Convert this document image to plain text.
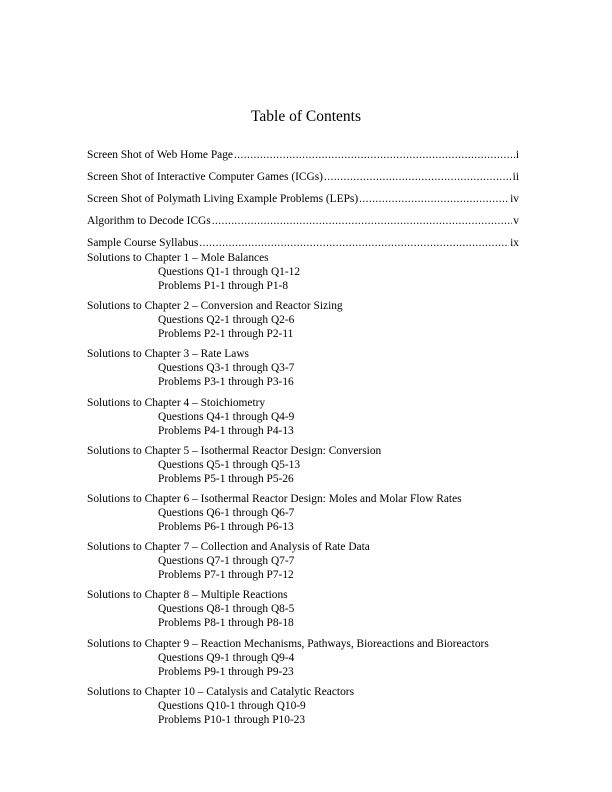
Table of Contents
Screen Shot of Web Home Page .....	i
Screen Shot of Interactive Computer Games (ICGs) .....	ii
Screen Shot of Polymath Living Example Problems (LEPs) .....	iv
Algorithm to Decode ICGs .....	v
Sample Course Syllabus .....	ix
Solutions to Chapter 1 – Mole Balances
Questions Q1-1 through Q1-12
Problems P1-1 through P1-8
Solutions to Chapter 2 – Conversion and Reactor Sizing
Questions Q2-1 through Q2-6
Problems P2-1 through P2-11
Solutions to Chapter 3 – Rate Laws
Questions Q3-1 through Q3-7
Problems P3-1 through P3-16
Solutions to Chapter 4 – Stoichiometry
Questions Q4-1 through Q4-9
Problems P4-1 through P4-13
Solutions to Chapter 5 – Isothermal Reactor Design: Conversion
Questions Q5-1 through Q5-13
Problems P5-1 through P5-26
Solutions to Chapter 6 – Isothermal Reactor Design: Moles and Molar Flow Rates
Questions Q6-1 through Q6-7
Problems P6-1 through P6-13
Solutions to Chapter 7 – Collection and Analysis of Rate Data
Questions Q7-1 through Q7-7
Problems P7-1 through P7-12
Solutions to Chapter 8 – Multiple Reactions
Questions Q8-1 through Q8-5
Problems P8-1 through P8-18
Solutions to Chapter 9 – Reaction Mechanisms, Pathways, Bioreactions and Bioreactors
Questions Q9-1 through Q9-4
Problems P9-1 through P9-23
Solutions to Chapter 10 – Catalysis and Catalytic Reactors
Questions Q10-1 through Q10-9
Problems P10-1 through P10-23
